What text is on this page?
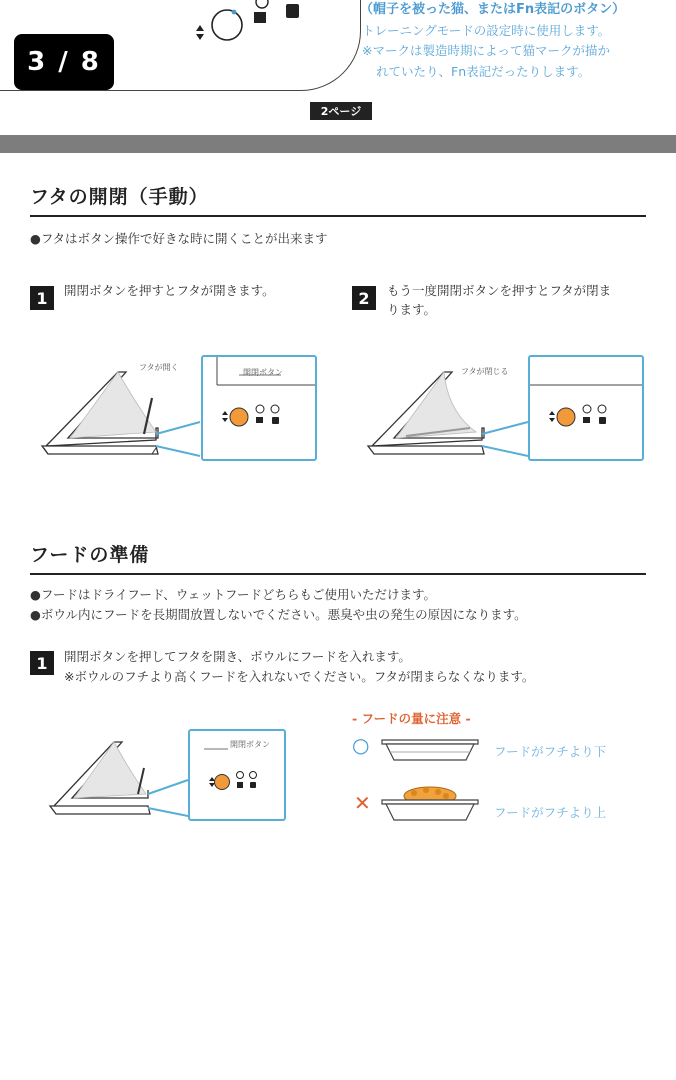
3 / 8
（帽子を被った猫、またはFn表記のボタン）
トレーニングモードの設定時に使用します。
※マークは製造時期によって猫マークが描か
れていたり、Fn表記だったりします。
2ページ
フタの開閉（手動）
●フタはボタン操作で好きな時に開くことが出来ます
1	開閉ボタンを押すとフタが開きます。	2	もう一度開閉ボタンを押すとフタが閉ま
ります。
フタが開く
開閉ボタン	フタが閉じる
フードの準備
●フードはドライフード、ウェットフードどちらもご使用いただけます。
●ボウル内にフードを長期間放置しないでください。悪臭や虫の発生の原因になります。
1	開閉ボタンを押してフタを開き、ボウルにフードを入れます。
※ボウルのフチより高くフードを入れないでください。フタが閉まらなくなります。
開閉ボタン
- フードの量に注意 -
○	フードがフチより下
✕	フードがフチより上
